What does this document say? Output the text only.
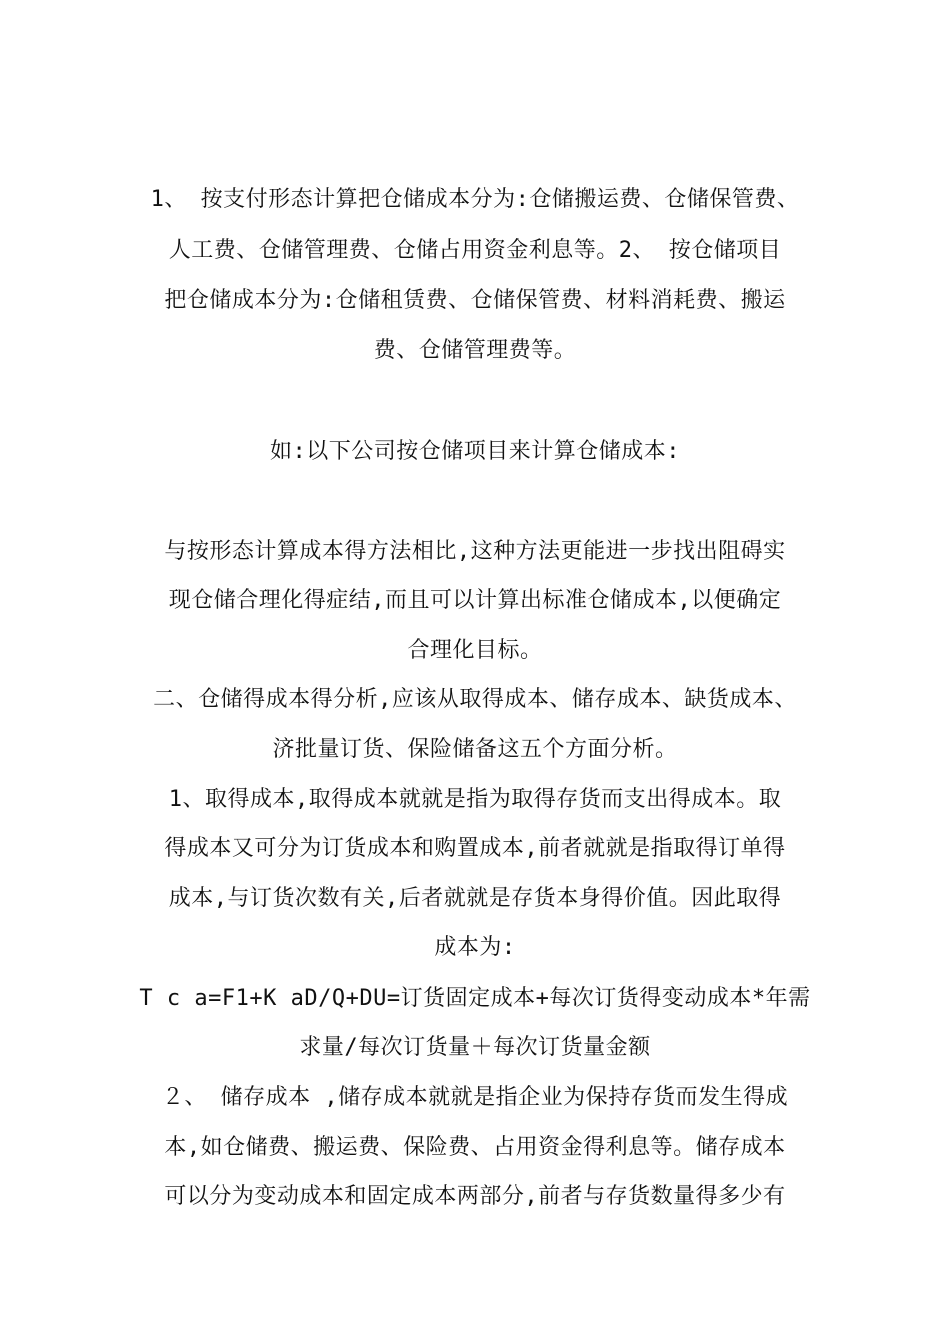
1、 按支付形态计算把仓储成本分为:仓储搬运费、仓储保管费、
人工费、仓储管理费、仓储占用资金利息等。2、 按仓储项目
把仓储成本分为:仓储租赁费、仓储保管费、材料消耗费、搬运
费、仓储管理费等。
如:以下公司按仓储项目来计算仓储成本:
与按形态计算成本得方法相比,这种方法更能进一步找出阻碍实
现仓储合理化得症结,而且可以计算出标准仓储成本,以便确定
合理化目标。
二、仓储得成本得分析,应该从取得成本、储存成本、缺货成本、
济批量订货、保险储备这五个方面分析。
1、取得成本,取得成本就就是指为取得存货而支出得成本。取
得成本又可分为订货成本和购置成本,前者就就是指取得订单得
成本,与订货次数有关,后者就就是存货本身得价值。因此取得
成本为:
T c a=F1+K aD/Q+DU=订货固定成本+每次订货得变动成本*年需
求量/每次订货量＋每次订货量金额
２、 储存成本 ,储存成本就就是指企业为保持存货而发生得成
本,如仓储费、搬运费、保险费、占用资金得利息等。储存成本
可以分为变动成本和固定成本两部分,前者与存货数量得多少有
